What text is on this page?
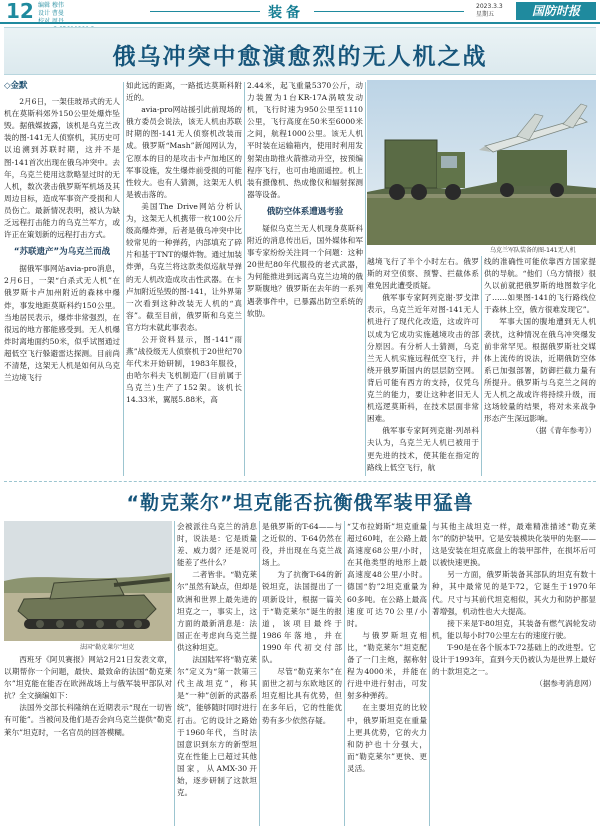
12 编辑 穆伟
设计 曹曼
校对 周丹
装备	2023.3.3
星期五	国防时报
俄乌冲突中愈演愈烈的无人机之战
◇金默

2月6日，一架佳玻昂式的无人机在莫斯科郊外150公里处爆炸坠毁。据俄媒披露，该机是乌克兰改装的图-141无人侦察机，其历史可以追溯到苏联时期，这并不是图-141首次出现在俄乌冲突中。去年，乌克兰使用这款略显过时的无人机，数次袭击俄罗斯军机场及其周边目标，造成军事资产受损和人员伤亡。最新情况表明，被认为缺乏远程打击能力的乌克兰军方，或许正在策划新的远程打击方式。

“苏联遗产”为乌克兰而战

据俄军事网站avia-pro消息，2月6日，一架“白杀式无人机”在俄罗斯卡卢加州附近的森林中爆炸，事发地距莫斯科约150公里。当地居民表示，爆炸非常强烈，在很远的地方都能感受到。无人机爆炸时离地面约50米，似乎试图通过超低空飞行躲避雷达探测。目前尚不清楚，这架无人机是如何从乌克兰边境飞行

如此远的距离，一路抵达莫斯科附近的。

avia-pro网站援引此前现场的俄方委员会说法，该无人机由苏联时期的图-141无人侦察机改装而成。俄罗斯“Mash”新闻网认为，它原本的目的是攻击卡卢加地区的军事设施，发生爆炸前受损的可能性较大。也有人猜测，这架无人机是被击落的。

美国The Drive网站分析认为，这架无人机携带一枚100公斤级高爆炸弹，后者是俄乌冲突中比较常见的一种弹药，内部填充了碎片和基于TNT的爆炸物。通过加装炸弹，乌克兰将这款类似巡航导弹的无人机改造成攻击性武器。在卡卢加附近坠毁的图-141，让外界第一次看到这种改装无人机的“真容”。截至目前，俄罗斯和乌克兰官方均未就此事表态。

公开资料显示，图-141“雨燕”战役级无人侦察机于20世纪70年代末开始研制，1983年服役，由哈尔科夫飞机制造厂(目前属于乌克兰)生产了152架。该机长14.33米，翼展5.88米，高

2.44米，起飞重量5370公斤，动力装置为1台KR-17A涡喷发动机，飞行时速为950公里至1110公里，飞行高度在50米至6000米之间，航程1000公里。该无人机平时装在运输箱内，使用时利用发射架由助推火箭推动升空，按预编程序飞行，也可由地面遥控。机上装有摄像机、热成像仪和辐射探测器等设备。

俄防空体系遭遇考验

疑似乌克兰无人机现身莫斯科附近的消息传出后，国外媒体和军事专家纷纷关注同一个问题：这种20世纪80年代服役的老式武器，为何能推进到远离乌克兰边境的俄罗斯腹地？俄罗斯在去年的一系列遇袭事件中，已暴露出防空系统的软肋。

乌克兰军队装备的图-141无人机

越境飞行了半个小时左右。俄罗斯的对空侦察、预警、拦截体系难免因此遭受质疑。

俄军事专家阿列克谢·罗戈津表示，乌克兰近年对图-141无人机进行了现代化改造，这或许可以成为它成功实施越境攻击的部分原因。有分析人士猜测，乌克兰无人机实施远程低空飞行，并绕开俄罗斯国内的层层防空网。背后可能有西方的支持，仅凭乌克兰的能力，要让这种老旧无人机巡逻莫斯科，在技术层面非常困难。

俄军事专家阿列克谢·列昂科夫认为，乌克兰无人机已被用于更先进的技术，使其能在指定的路线上低空飞行，航

线的准确性可能依靠西方国家提供的导航。“他们（乌方情报）很久以前就把俄罗斯的地图数字化了……如果图-141的飞行路线位于森林上空，俄方很难发现它”。

军事大国的腹地遭到无人机袭扰，这种情况在俄乌冲突爆发前非常罕见。根据俄罗斯社交媒体上流传的说法，近期俄防空体系已加强部署，防御拦截力量有所提升。俄罗斯与乌克兰之间的无人机之战或许将持续升级，而这场较量的结果，将对未来战争形态产生深远影响。

（据《青年参考》）

“勒克莱尔”坦克能否抗衡俄军装甲猛兽
法国“勒克莱尔”坦克

西班牙《阿贝赛报》网站2月21日发表文章，以期帮你一个问题，最快、最致命的法国“勒克莱尔”坦克能在能否在欧洲战场上与俄军装甲部队对抗？全文摘编如下：

法国外交部长科隆纳在近期表示“现在一切皆有可能”。当被问及他们是否会向乌克兰提供“勒克莱尔”坦克时，一名官员的回答模糊。

会被派往乌克兰的消息时，说法是：它是质量差、威力弱？还是说可能差了些什么？

二者皆非。“勒克莱尔”虽然有缺点，但却是欧洲和世界上最先进的坦克之一，事实上，这方面的最新消息是：法国正在考虑向乌克兰提供这种坦克。

法国陆军将“勒克莱尔”定义为“第一款第三代主战坦克”，称其是“一种”创新的武器系统”，能够随时同时进行打击。它的设计之路始于1960年代，当时法国意识到东方的新型坦克在性能上已超过其他国家，从AMX-30开始，逐步研制了这款坦克。

是俄罗斯的T-64——与之近似的、T-64仍然在役，并出现在乌克兰战场上。

为了抗衡T-64的新锐坦克，法国提出了一项新设计，根据一篇关于“勒克莱尔”诞生的报道，该项目最终于1986年落地，并在1990年代初交付部队。

尽管“勒克莱尔”在面世之初与东欧地区的坦克相比具有优势，但在多年后，它的性能优势有多少依然存疑。

“艾布拉姆斯”坦克重量超过60吨，在公路上最高速度68公里/小时，在其他类型的地形上最高速度48公里/小时。德国“豹”2坦克重量为60多吨。在公路上最高速度可达70公里/小时。

与俄罗斯坦克相比，“勒克莱尔”坦克配备了一门主炮，据称射程为4000米，并能在行进中进行射击，可发射多种弹药。

在主要坦克的比较中，俄罗斯坦克在重量上更具优势，它的火力和防护也十分强大，而“勒克莱尔”更快、更灵活。

与其他主战坦克一样，最难精准描述“勒克莱尔”的防护装甲。它是安装模块化装甲的先驱——这是安装在坦克底盘上的装甲部件，在损坏后可以被快速更换。

另一方面，俄罗斯装备其部队的坦克有数十种，其中最常见的是T-72，它诞生于1970年代。尺寸与其前代坦克相似，其火力和防护都显著增强，机动性也大大提高。

接下来是T-80坦克，其装备有燃气涡轮发动机，能以每小时70公里左右的速度行驶。

T-90是在各个版本T-72基础上的改进型。它设计于1993年，直到今天仍被认为是世界上最好的十款坦克之一。

（据参考消息网）
